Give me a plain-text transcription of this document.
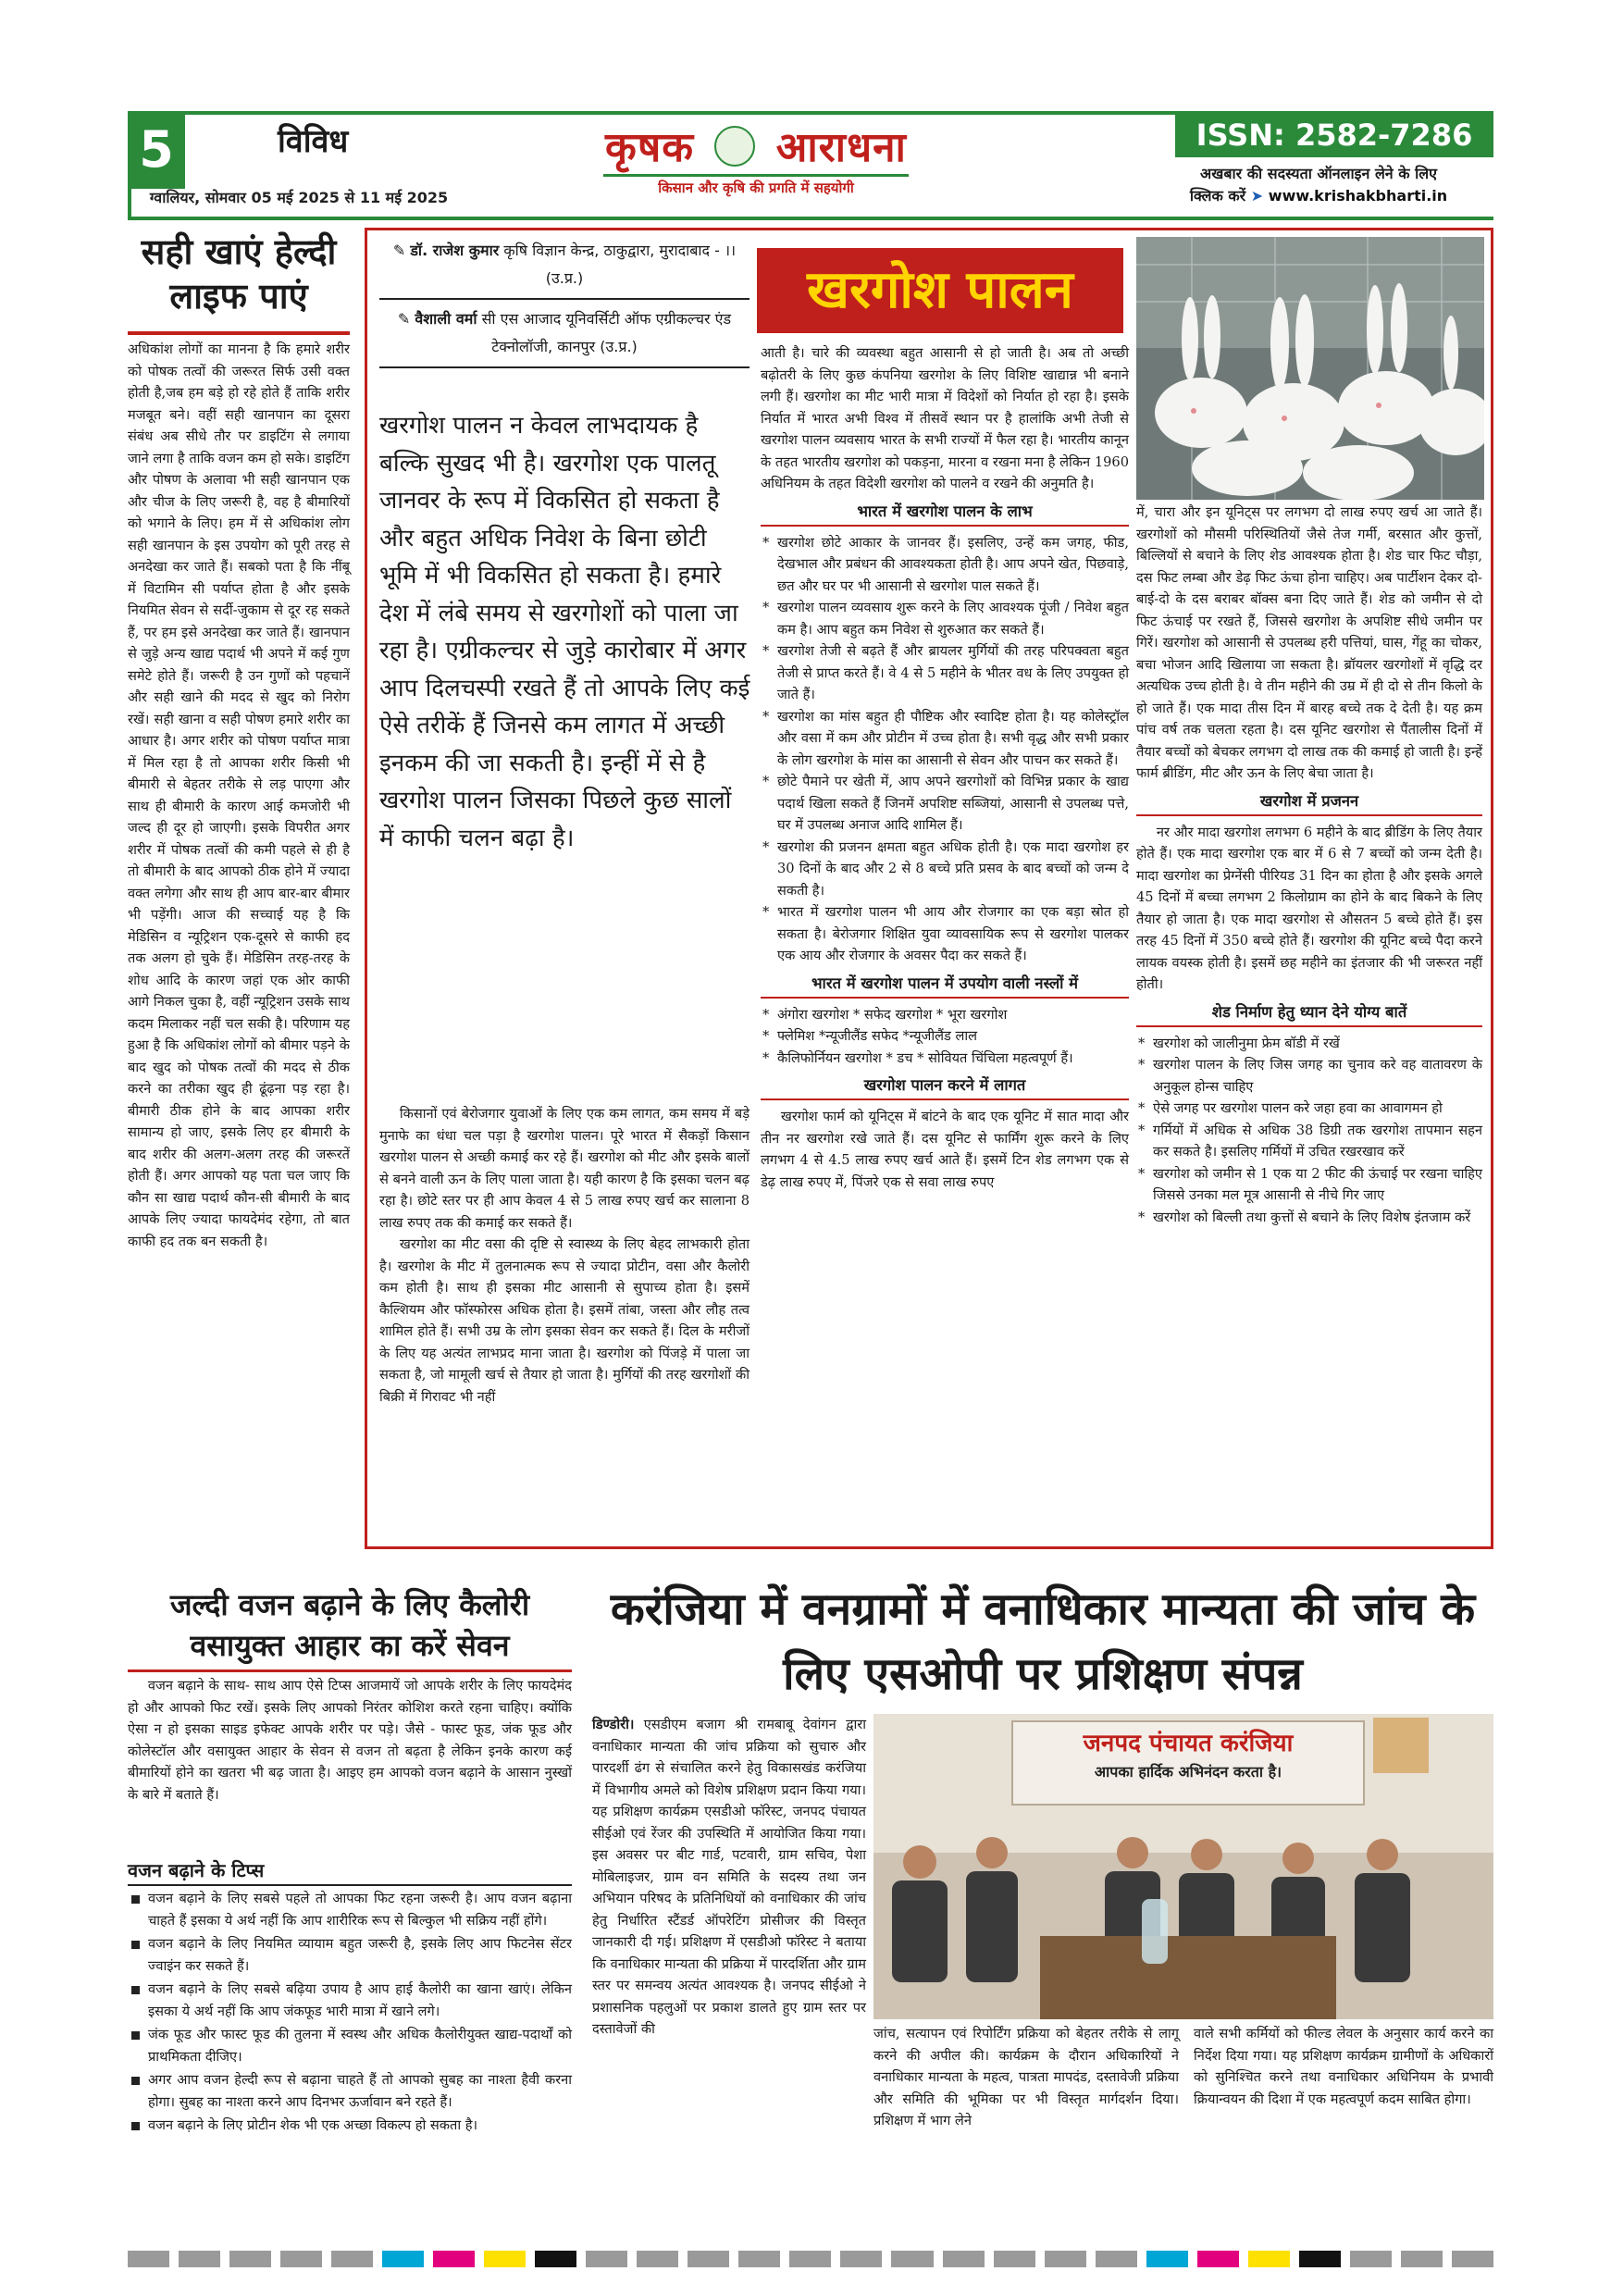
5	विविध
ग्वालियर, सोमवार 05 मई 2025 से 11 मई 2025
कृषक आराधना
किसान और कृषि की प्रगति में सहयोगी
ISSN: 2582-7286
अखबार की सदस्यता ऑनलाइन लेने के लिए
क्लिक करें ➤ www.krishakbharti.in
सही खाएं हेल्दी लाइफ पाएं
अधिकांश लोगों का मानना है कि हमारे शरीर को पोषक तत्वों की जरूरत सिर्फ उसी वक्त होती है,जब हम बड़े हो रहे होते हैं ताकि शरीर मजबूत बने। वहीं सही खानपान का दूसरा संबंध अब सीधे तौर पर डाइटिंग से लगाया जाने लगा है ताकि वजन कम हो सके। डाइटिंग और पोषण के अलावा भी सही खानपान एक और चीज के लिए जरूरी है, वह है बीमारियों को भगाने के लिए। हम में से अधिकांश लोग सही खानपान के इस उपयोग को पूरी तरह से अनदेखा कर जाते हैं। सबको पता है कि नींबू में विटामिन सी पर्याप्त होता है और इसके नियमित सेवन से सर्दी-जुकाम से दूर रह सकते हैं, पर हम इसे अनदेखा कर जाते हैं। खानपान से जुड़े अन्य खाद्य पदार्थ भी अपने में कई गुण समेटे होते हैं। जरूरी है उन गुणों को पहचानें और सही खाने की मदद से खुद को निरोग रखें। सही खाना व सही पोषण हमारे शरीर का आधार है। अगर शरीर को पोषण पर्याप्त मात्रा में मिल रहा है तो आपका शरीर किसी भी बीमारी से बेहतर तरीके से लड़ पाएगा और साथ ही बीमारी के कारण आई कमजोरी भी जल्द ही दूर हो जाएगी। इसके विपरीत अगर शरीर में पोषक तत्वों की कमी पहले से ही है तो बीमारी के बाद आपको ठीक होने में ज्यादा वक्त लगेगा और साथ ही आप बार-बार बीमार भी पड़ेंगी। आज की सच्चाई यह है कि मेडिसिन व न्यूट्रिशन एक-दूसरे से काफी हद तक अलग हो चुके हैं। मेडिसिन तरह-तरह के शोध आदि के कारण जहां एक ओर काफी आगे निकल चुका है, वहीं न्यूट्रिशन उसके साथ कदम मिलाकर नहीं चल सकी है। परिणाम यह हुआ है कि अधिकांश लोगों को बीमार पड़ने के बाद खुद को पोषक तत्वों की मदद से ठीक करने का तरीका खुद ही ढूंढ़ना पड़ रहा है। बीमारी ठीक होने के बाद आपका शरीर सामान्य हो जाए, इसके लिए हर बीमारी के बाद शरीर की अलग-अलग तरह की जरूरतें होती हैं। अगर आपको यह पता चल जाए कि कौन सा खाद्य पदार्थ कौन-सी बीमारी के बाद आपके लिए ज्यादा फायदेमंद रहेगा, तो बात काफी हद तक बन सकती है।
✎ डॉ. राजेश कुमार कृषि विज्ञान केन्द्र, ठाकुद्वारा, मुरादाबाद - ।। (उ.प्र.)
✎ वैशाली वर्मा सी एस आजाद यूनिवर्सिटी ऑफ एग्रीकल्चर एंड टेक्नोलॉजी, कानपुर (उ.प्र.)
खरगोश पालन न केवल लाभदायक है बल्कि सुखद भी है। खरगोश एक पालतू जानवर के रूप में विकसित हो सकता है और बहुत अधिक निवेश के बिना छोटी भूमि में भी विकसित हो सकता है। हमारे देश में लंबे समय से खरगोशों को पाला जा रहा है। एग्रीकल्चर से जुड़े कारोबार में अगर आप दिलचस्पी रखते हैं तो आपके लिए कई ऐसे तरीकें हैं जिनसे कम लागत में अच्छी इनकम की जा सकती है। इन्हीं में से है खरगोश पालन जिसका पिछले कुछ सालों में काफी चलन बढ़ा है।
किसानों एवं बेरोजगार युवाओं के लिए एक कम लागत, कम समय में बड़े मुनाफे का धंधा चल पड़ा है खरगोश पालन। पूरे भारत में सैकड़ों किसान खरगोश पालन से अच्छी कमाई कर रहे हैं। खरगोश को मीट और इसके बालों से बनने वाली ऊन के लिए पाला जाता है। यही कारण है कि इसका चलन बढ़ रहा है। छोटे स्तर पर ही आप केवल 4 से 5 लाख रुपए खर्च कर सालाना 8 लाख रुपए तक की कमाई कर सकते हैं।
खरगोश का मीट वसा की दृष्टि से स्वास्थ्य के लिए बेहद लाभकारी होता है। खरगोश के मीट में तुलनात्मक रूप से ज्यादा प्रोटीन, वसा और कैलोरी कम होती है। साथ ही इसका मीट आसानी से सुपाच्य होता है। इसमें कैल्शियम और फॉस्फोरस अधिक होता है। इसमें तांबा, जस्ता और लौह तत्व शामिल होते हैं। सभी उम्र के लोग इसका सेवन कर सकते हैं। दिल के मरीजों के लिए यह अत्यंत लाभप्रद माना जाता है। खरगोश को पिंजड़े में पाला जा सकता है, जो मामूली खर्च से तैयार हो जाता है। मुर्गियों की तरह खरगोशों की बिक्री में गिरावट भी नहीं
खरगोश पालन
आती है। चारे की व्यवस्था बहुत आसानी से हो जाती है। अब तो अच्छी बढ़ोतरी के लिए कुछ कंपनिया खरगोश के लिए विशिष्ट खाद्यान्न भी बनाने लगी हैं। खरगोश का मीट भारी मात्रा में विदेशों को निर्यात हो रहा है। इसके निर्यात में भारत अभी विश्व में तीसवें स्थान पर है हालांकि अभी तेजी से खरगोश पालन व्यवसाय भारत के सभी राज्यों में फैल रहा है। भारतीय कानून के तहत भारतीय खरगोश को पकड़ना, मारना व रखना मना है लेकिन 1960 अधिनियम के तहत विदेशी खरगोश को पालने व रखने की अनुमति है।
भारत में खरगोश पालन के लाभ
* खरगोश छोटे आकार के जानवर हैं। इसलिए, उन्हें कम जगह, फीड, देखभाल और प्रबंधन की आवश्यकता होती है। आप अपने खेत, पिछवाड़े, छत और घर पर भी आसानी से खरगोश पाल सकते हैं।
* खरगोश पालन व्यवसाय शुरू करने के लिए आवश्यक पूंजी / निवेश बहुत कम है। आप बहुत कम निवेश से शुरुआत कर सकते हैं।
* खरगोश तेजी से बढ़ते हैं और ब्रायलर मुर्गियों की तरह परिपक्वता बहुत तेजी से प्राप्त करते हैं। वे 4 से 5 महीने के भीतर वध के लिए उपयुक्त हो जाते हैं।
* खरगोश का मांस बहुत ही पौष्टिक और स्वादिष्ट होता है। यह कोलेस्ट्रॉल और वसा में कम और प्रोटीन में उच्च होता है। सभी वृद्ध और सभी प्रकार के लोग खरगोश के मांस का आसानी से सेवन और पाचन कर सकते हैं।
* छोटे पैमाने पर खेती में, आप अपने खरगोशों को विभिन्न प्रकार के खाद्य पदार्थ खिला सकते हैं जिनमें अपशिष्ट सब्जियां, आसानी से उपलब्ध पत्ते, घर में उपलब्ध अनाज आदि शामिल हैं।
* खरगोश की प्रजनन क्षमता बहुत अधिक होती है। एक मादा खरगोश हर 30 दिनों के बाद और 2 से 8 बच्चे प्रति प्रसव के बाद बच्चों को जन्म दे सकती है।
* भारत में खरगोश पालन भी आय और रोजगार का एक बड़ा स्रोत हो सकता है। बेरोजगार शिक्षित युवा व्यावसायिक रूप से खरगोश पालकर एक आय और रोजगार के अवसर पैदा कर सकते हैं।
भारत में खरगोश पालन में उपयोग वाली नस्लों में
* अंगोरा खरगोश * सफेद खरगोश * भूरा खरगोश
* फ्लेमिश *न्यूजीलैंड सफेद *न्यूजीलैंड लाल
* कैलिफोर्नियन खरगोश * डच * सोवियत चिंचिला महत्वपूर्ण हैं।
खरगोश पालन करने में लागत
खरगोश फार्म को यूनिट्स में बांटने के बाद एक यूनिट में सात मादा और तीन नर खरगोश रखे जाते हैं। दस यूनिट से फार्मिंग शुरू करने के लिए लगभग 4 से 4.5 लाख रुपए खर्च आते हैं। इसमें टिन शेड लगभग एक से डेढ़ लाख रुपए में, पिंजरे एक से सवा लाख रुपए
में, चारा और इन यूनिट्स पर लगभग दो लाख रुपए खर्च आ जाते हैं। खरगोशों को मौसमी परिस्थितियों जैसे तेज गर्मी, बरसात और कुत्तों, बिल्लियों से बचाने के लिए शेड आवश्यक होता है। शेड चार फिट चौड़ा, दस फिट लम्बा और डेढ़ फिट ऊंचा होना चाहिए। अब पार्टीशन देकर दो-बाई-दो के दस बराबर बॉक्स बना दिए जाते हैं। शेड को जमीन से दो फिट ऊंचाई पर रखते हैं, जिससे खरगोश के अपशिष्ट सीधे जमीन पर गिरें। खरगोश को आसानी से उपलब्ध हरी पत्तियां, घास, गेंहू का चोकर, बचा भोजन आदि खिलाया जा सकता है। ब्रॉयलर खरगोशों में वृद्धि दर अत्यधिक उच्च होती है। वे तीन महीने की उम्र में ही दो से तीन किलो के हो जाते हैं। एक मादा तीस दिन में बारह बच्चे तक दे देती है। यह क्रम पांच वर्ष तक चलता रहता है। दस यूनिट खरगोश से पैंतालीस दिनों में तैयार बच्चों को बेचकर लगभग दो लाख तक की कमाई हो जाती है। इन्हें फार्म ब्रीडिंग, मीट और ऊन के लिए बेचा जाता है।
खरगोश में प्रजनन
नर और मादा खरगोश लगभग 6 महीने के बाद ब्रीडिंग के लिए तैयार होते हैं। एक मादा खरगोश एक बार में 6 से 7 बच्चों को जन्म देती है। मादा खरगोश का प्रेग्नेंसी पीरियड 31 दिन का होता है और इसके अगले 45 दिनों में बच्चा लगभग 2 किलोग्राम का होने के बाद बिकने के लिए तैयार हो जाता है। एक मादा खरगोश से औसतन 5 बच्चे होते हैं। इस तरह 45 दिनों में 350 बच्चे होते हैं। खरगोश की यूनिट बच्चे पैदा करने लायक वयस्क होती है। इसमें छह महीने का इंतजार की भी जरूरत नहीं होती।
शेड निर्माण हेतु ध्यान देने योग्य बातें
* खरगोश को जालीनुमा फ्रेम बॉडी में रखें
* खरगोश पालन के लिए जिस जगह का चुनाव करे वह वातावरण के अनुकूल होन्स चाहिए
* ऐसे जगह पर खरगोश पालन करे जहा हवा का आवागमन हो
* गर्मियों में अधिक से अधिक 38 डिग्री तक खरगोश तापमान सहन कर सकते है। इसलिए गर्मियों में उचित रखरखाव करें
* खरगोश को जमीन से 1 एक या 2 फीट की ऊंचाई पर रखना चाहिए जिससे उनका मल मूत्र आसानी से नीचे गिर जाए
* खरगोश को बिल्ली तथा कुत्तों से बचाने के लिए विशेष इंतजाम करें
जल्दी वजन बढ़ाने के लिए कैलोरी वसायुक्त आहार का करें सेवन
वजन बढ़ाने के साथ- साथ आप ऐसे टिप्स आजमायें जो आपके शरीर के लिए फायदेमंद हो और आपको फिट रखें। इसके लिए आपको निरंतर कोशिश करते रहना चाहिए। क्योंकि ऐसा न हो इसका साइड इफेक्ट आपके शरीर पर पड़े। जैसे - फास्ट फूड, जंक फूड और कोलेस्टॉल और वसायुक्त आहार के सेवन से वजन तो बढ़ता है लेकिन इनके कारण कई बीमारियों होने का खतरा भी बढ़ जाता है। आइए हम आपको वजन बढ़ाने के आसान नुस्खों के बारे में बताते हैं।
वजन बढ़ाने के टिप्स
वजन बढ़ाने के लिए सबसे पहले तो आपका फिट रहना जरूरी है। आप वजन बढ़ाना चाहते हैं इसका ये अर्थ नहीं कि आप शारीरिक रूप से बिल्कुल भी सक्रिय नहीं होंगे।
वजन बढ़ाने के लिए नियमित व्यायाम बहुत जरूरी है, इसके लिए आप फिटनेस सेंटर ज्वाइंन कर सकते हैं।
वजन बढ़ाने के लिए सबसे बढ़िया उपाय है आप हाई कैलोरी का खाना खाएं। लेकिन इसका ये अर्थ नहीं कि आप जंकफूड भारी मात्रा में खाने लगे।
जंक फूड और फास्ट फूड की तुलना में स्वस्थ और अधिक कैलोरीयुक्त खाद्य-पदार्थों को प्राथमिकता दीजिए।
अगर आप वजन हेल्दी रूप से बढ़ाना चाहते हैं तो आपको सुबह का नाश्ता हैवी करना होगा। सुबह का नाश्ता करने आप दिनभर ऊर्जावान बने रहते हैं।
वजन बढ़ाने के लिए प्रोटीन शेक भी एक अच्छा विकल्प हो सकता है।
करंजिया में वनग्रामों में वनाधिकार मान्यता की जांच के लिए एसओपी पर प्रशिक्षण संपन्न
डिण्डोरी। एसडीएम बजाग श्री रामबाबू देवांगन द्वारा वनाधिकार मान्यता की जांच प्रक्रिया को सुचारु और पारदर्शी ढंग से संचालित करने हेतु विकासखंड करंजिया में विभागीय अमले को विशेष प्रशिक्षण प्रदान किया गया। यह प्रशिक्षण कार्यक्रम एसडीओ फॉरेस्ट, जनपद पंचायत सीईओ एवं रेंजर की उपस्थिति में आयोजित किया गया। इस अवसर पर बीट गार्ड, पटवारी, ग्राम सचिव, पेशा मोबिलाइजर, ग्राम वन समिति के सदस्य तथा जन अभियान परिषद के प्रतिनिधियों को वनाधिकार की जांच हेतु निर्धारित स्टैंडर्ड ऑपरेटिंग प्रोसीजर की विस्तृत जानकारी दी गई। प्रशिक्षण में एसडीओ फॉरेस्ट ने बताया कि वनाधिकार मान्यता की प्रक्रिया में पारदर्शिता और ग्राम स्तर पर समन्वय अत्यंत आवश्यक है। जनपद सीईओ ने प्रशासनिक पहलुओं पर प्रकाश डालते हुए ग्राम स्तर पर दस्तावेजों की
जनपद पंचायत करंजिया
आपका हार्दिक अभिनंदन करता है।
जांच, सत्यापन एवं रिपोर्टिंग प्रक्रिया को बेहतर तरीके से लागू करने की अपील की। कार्यक्रम के दौरान अधिकारियों ने वनाधिकार मान्यता के महत्व, पात्रता मापदंड, दस्तावेजी प्रक्रिया और समिति की भूमिका पर भी विस्तृत मार्गदर्शन दिया। प्रशिक्षण में भाग लेने
वाले सभी कर्मियों को फील्ड लेवल के अनुसार कार्य करने का निर्देश दिया गया। यह प्रशिक्षण कार्यक्रम ग्रामीणों के अधिकारों को सुनिश्चित करने तथा वनाधिकार अधिनियम के प्रभावी क्रियान्वयन की दिशा में एक महत्वपूर्ण कदम साबित होगा।
